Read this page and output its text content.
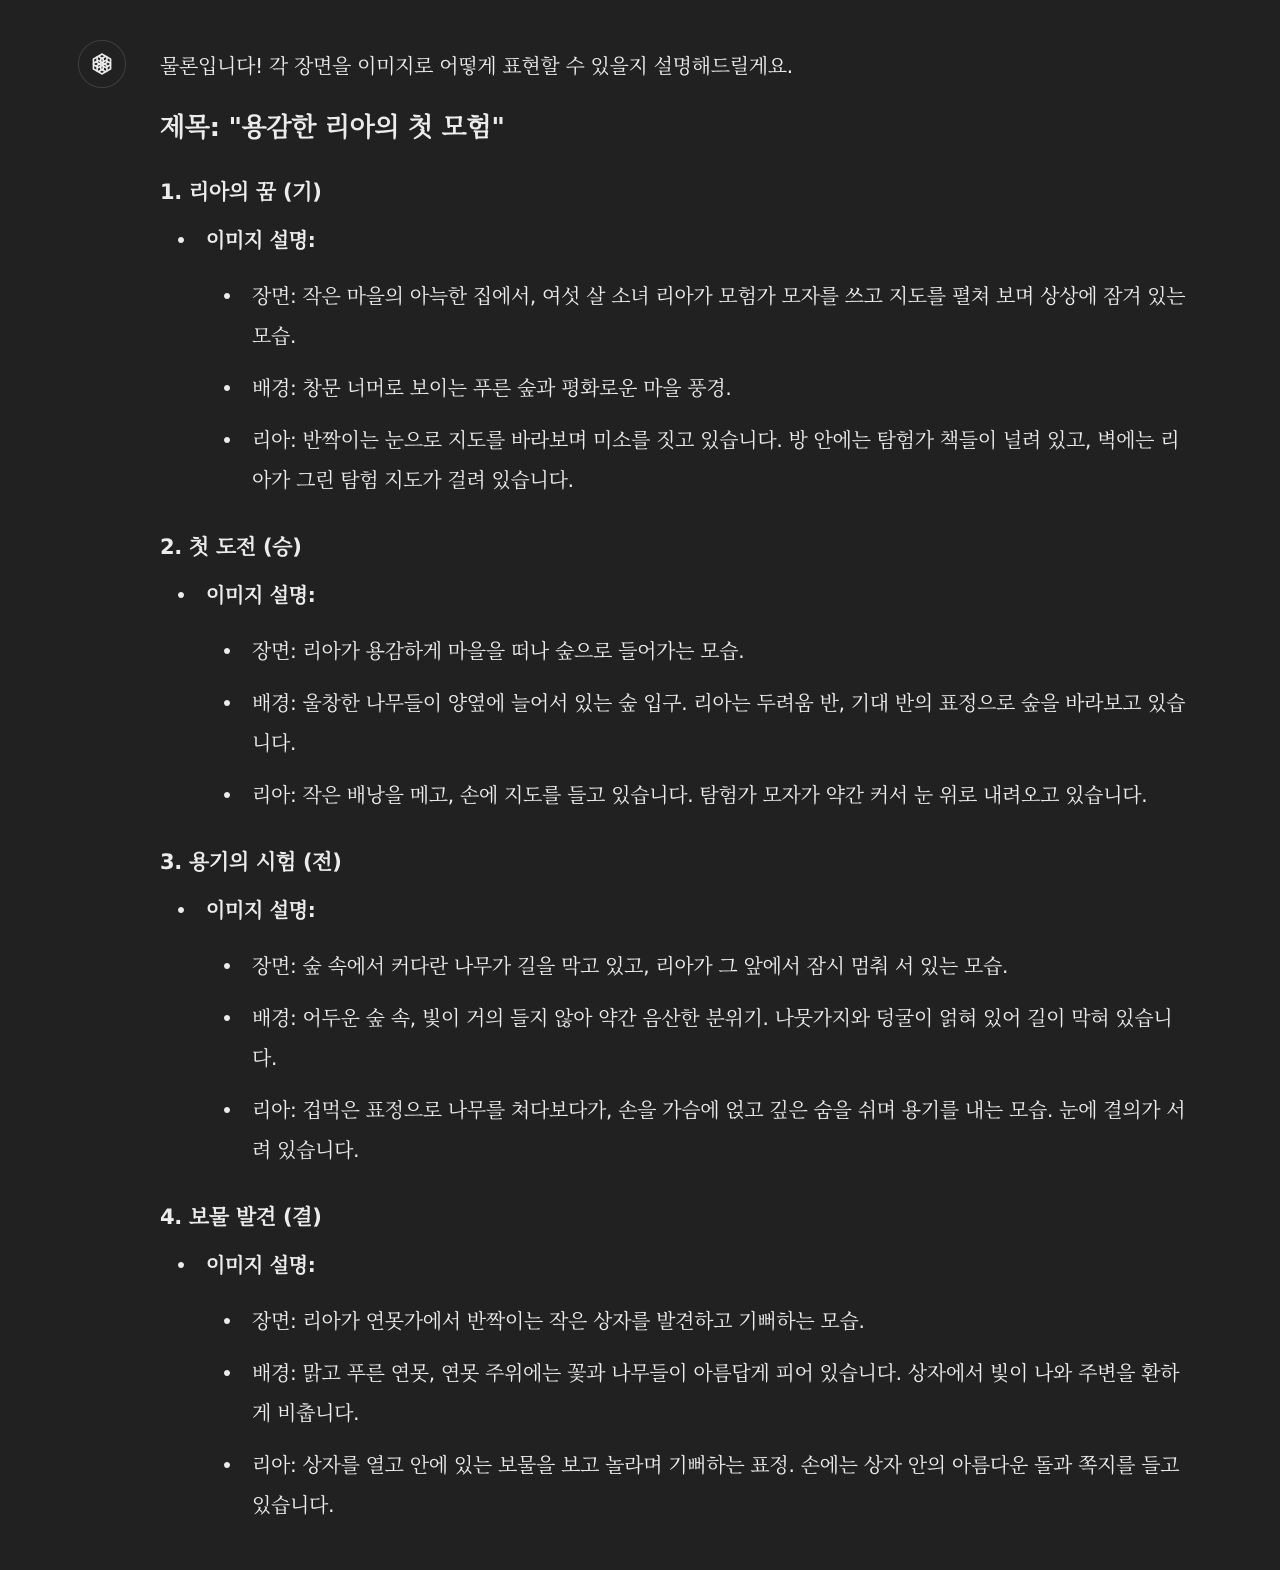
물론입니다! 각 장면을 이미지로 어떻게 표현할 수 있을지 설명해드릴게요.

제목: "용감한 리아의 첫 모험"
1. 리아의 꿈 (기)
이미지 설명:
장면: 작은 마을의 아늑한 집에서, 여섯 살 소녀 리아가 모험가 모자를 쓰고 지도를 펼쳐 보며 상상에 잠겨 있는 모습.
배경: 창문 너머로 보이는 푸른 숲과 평화로운 마을 풍경.
리아: 반짝이는 눈으로 지도를 바라보며 미소를 짓고 있습니다. 방 안에는 탐험가 책들이 널려 있고, 벽에는 리아가 그린 탐험 지도가 걸려 있습니다.
2. 첫 도전 (승)
이미지 설명:
장면: 리아가 용감하게 마을을 떠나 숲으로 들어가는 모습.
배경: 울창한 나무들이 양옆에 늘어서 있는 숲 입구. 리아는 두려움 반, 기대 반의 표정으로 숲을 바라보고 있습니다.
리아: 작은 배낭을 메고, 손에 지도를 들고 있습니다. 탐험가 모자가 약간 커서 눈 위로 내려오고 있습니다.
3. 용기의 시험 (전)
이미지 설명:
장면: 숲 속에서 커다란 나무가 길을 막고 있고, 리아가 그 앞에서 잠시 멈춰 서 있는 모습.
배경: 어두운 숲 속, 빛이 거의 들지 않아 약간 음산한 분위기. 나뭇가지와 덩굴이 얽혀 있어 길이 막혀 있습니다.
리아: 겁먹은 표정으로 나무를 쳐다보다가, 손을 가슴에 얹고 깊은 숨을 쉬며 용기를 내는 모습. 눈에 결의가 서려 있습니다.
4. 보물 발견 (결)
이미지 설명:
장면: 리아가 연못가에서 반짝이는 작은 상자를 발견하고 기뻐하는 모습.
배경: 맑고 푸른 연못, 연못 주위에는 꽃과 나무들이 아름답게 피어 있습니다. 상자에서 빛이 나와 주변을 환하게 비춥니다.
리아: 상자를 열고 안에 있는 보물을 보고 놀라며 기뻐하는 표정. 손에는 상자 안의 아름다운 돌과 쪽지를 들고 있습니다.
